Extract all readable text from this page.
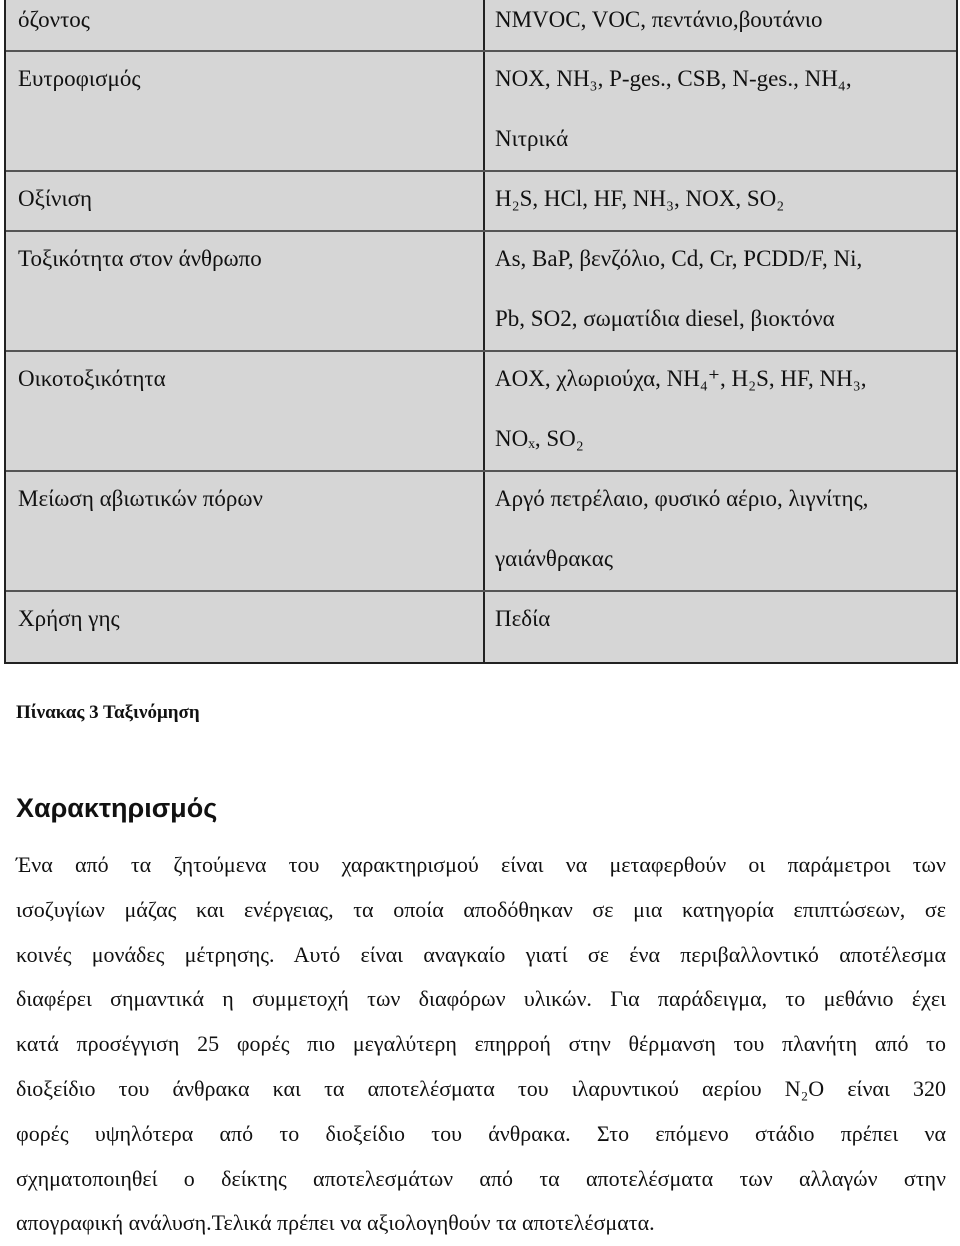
όζοντος	NMVOC, VOC, πεντάνιο,βουτάνιο
Ευτροφισμός	NOX, NH₃, P-ges., CSB, N-ges., NH₄,
Νιτρικά
Οξίνιση	H₂S, HCl, HF, NH₃, NOX, SO₂
Τοξικότητα στον άνθρωπο	As, BaP, βενζόλιο, Cd, Cr, PCDD/F, Ni,
Pb, SO2, σωματίδια diesel, βιοκτόνα
Οικοτοξικότητα	AOX, χλωριούχα, NH₄⁺, H₂S, HF, NH₃,
NOₓ, SO₂
Μείωση αβιωτικών πόρων	Αργό πετρέλαιο, φυσικό αέριο, λιγνίτης,
γαιάνθρακας
Χρήση γης	Πεδία

Πίνακας 3 Ταξινόμηση

Χαρακτηρισμός
Ένα από τα ζητούμενα του χαρακτηρισμού είναι να μεταφερθούν οι παράμετροι των
ισοζυγίων μάζας και ενέργειας, τα οποία αποδόθηκαν σε μια κατηγορία επιπτώσεων, σε
κοινές μονάδες μέτρησης. Αυτό είναι αναγκαίο γιατί σε ένα περιβαλλοντικό αποτέλεσμα
διαφέρει σημαντικά η συμμετοχή των διαφόρων υλικών. Για παράδειγμα, το μεθάνιο έχει
κατά προσέγγιση 25 φορές πιο μεγαλύτερη επηρροή στην θέρμανση του πλανήτη από το
διοξείδιο του άνθρακα και τα αποτελέσματα του ιλαρυντικού αερίου N₂O είναι 320
φορές υψηλότερα από το διοξείδιο του άνθρακα. Στο επόμενο στάδιο πρέπει να
σχηματοποιηθεί ο δείκτης αποτελεσμάτων από τα αποτελέσματα των αλλαγών στην
απογραφική ανάλυση.Τελικά πρέπει να αξιολογηθούν τα αποτελέσματα.
